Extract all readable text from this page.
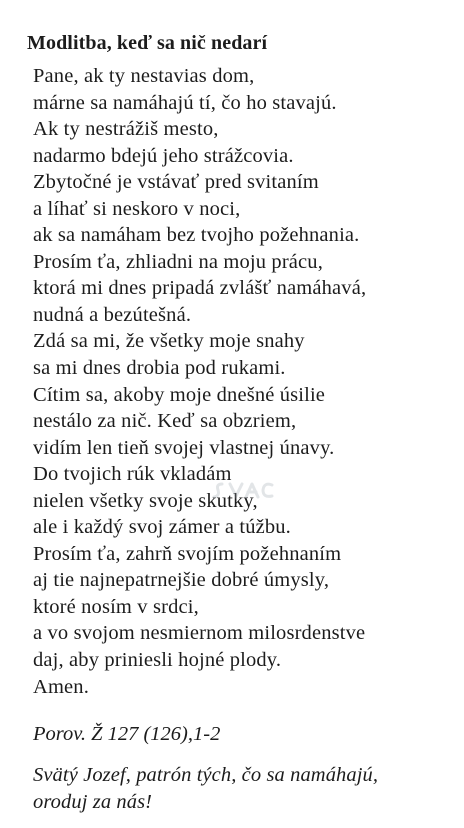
Modlitba, keď sa nič nedarí
Pane, ak ty nestavias dom,
márne sa namáhajú tí, čo ho stavajú.
Ak ty nestrážiš mesto,
nadarmo bdejú jeho strážcovia.
Zbytočné je vstávať pred svitaním
a líhať si neskoro v noci,
ak sa namáham bez tvojho požehnania.
Prosím ťa, zhliadni na moju prácu,
ktorá mi dnes pripadá zvlášť namáhavá,
nudná a bezútešná.
Zdá sa mi, že všetky moje snahy
sa mi dnes drobia pod rukami.
Cítim sa, akoby moje dnešné úsilie
nestálo za nič. Keď sa obzriem,
vidím len tieň svojej vlastnej únavy.
Do tvojich rúk vkladám
nielen všetky svoje skutky,
ale i každý svoj zámer a túžbu.
Prosím ťa, zahrň svojím požehnaním
aj tie najnepatrnejšie dobré úmysly,
ktoré nosím v srdci,
a vo svojom nesmiernom milosrdenstve
daj, aby priniesli hojné plody.
Amen.
Porov. Ž 127 (126),1-2
Svätý Jozef, patrón tých, čo sa namáhajú,
oroduj za nás!
